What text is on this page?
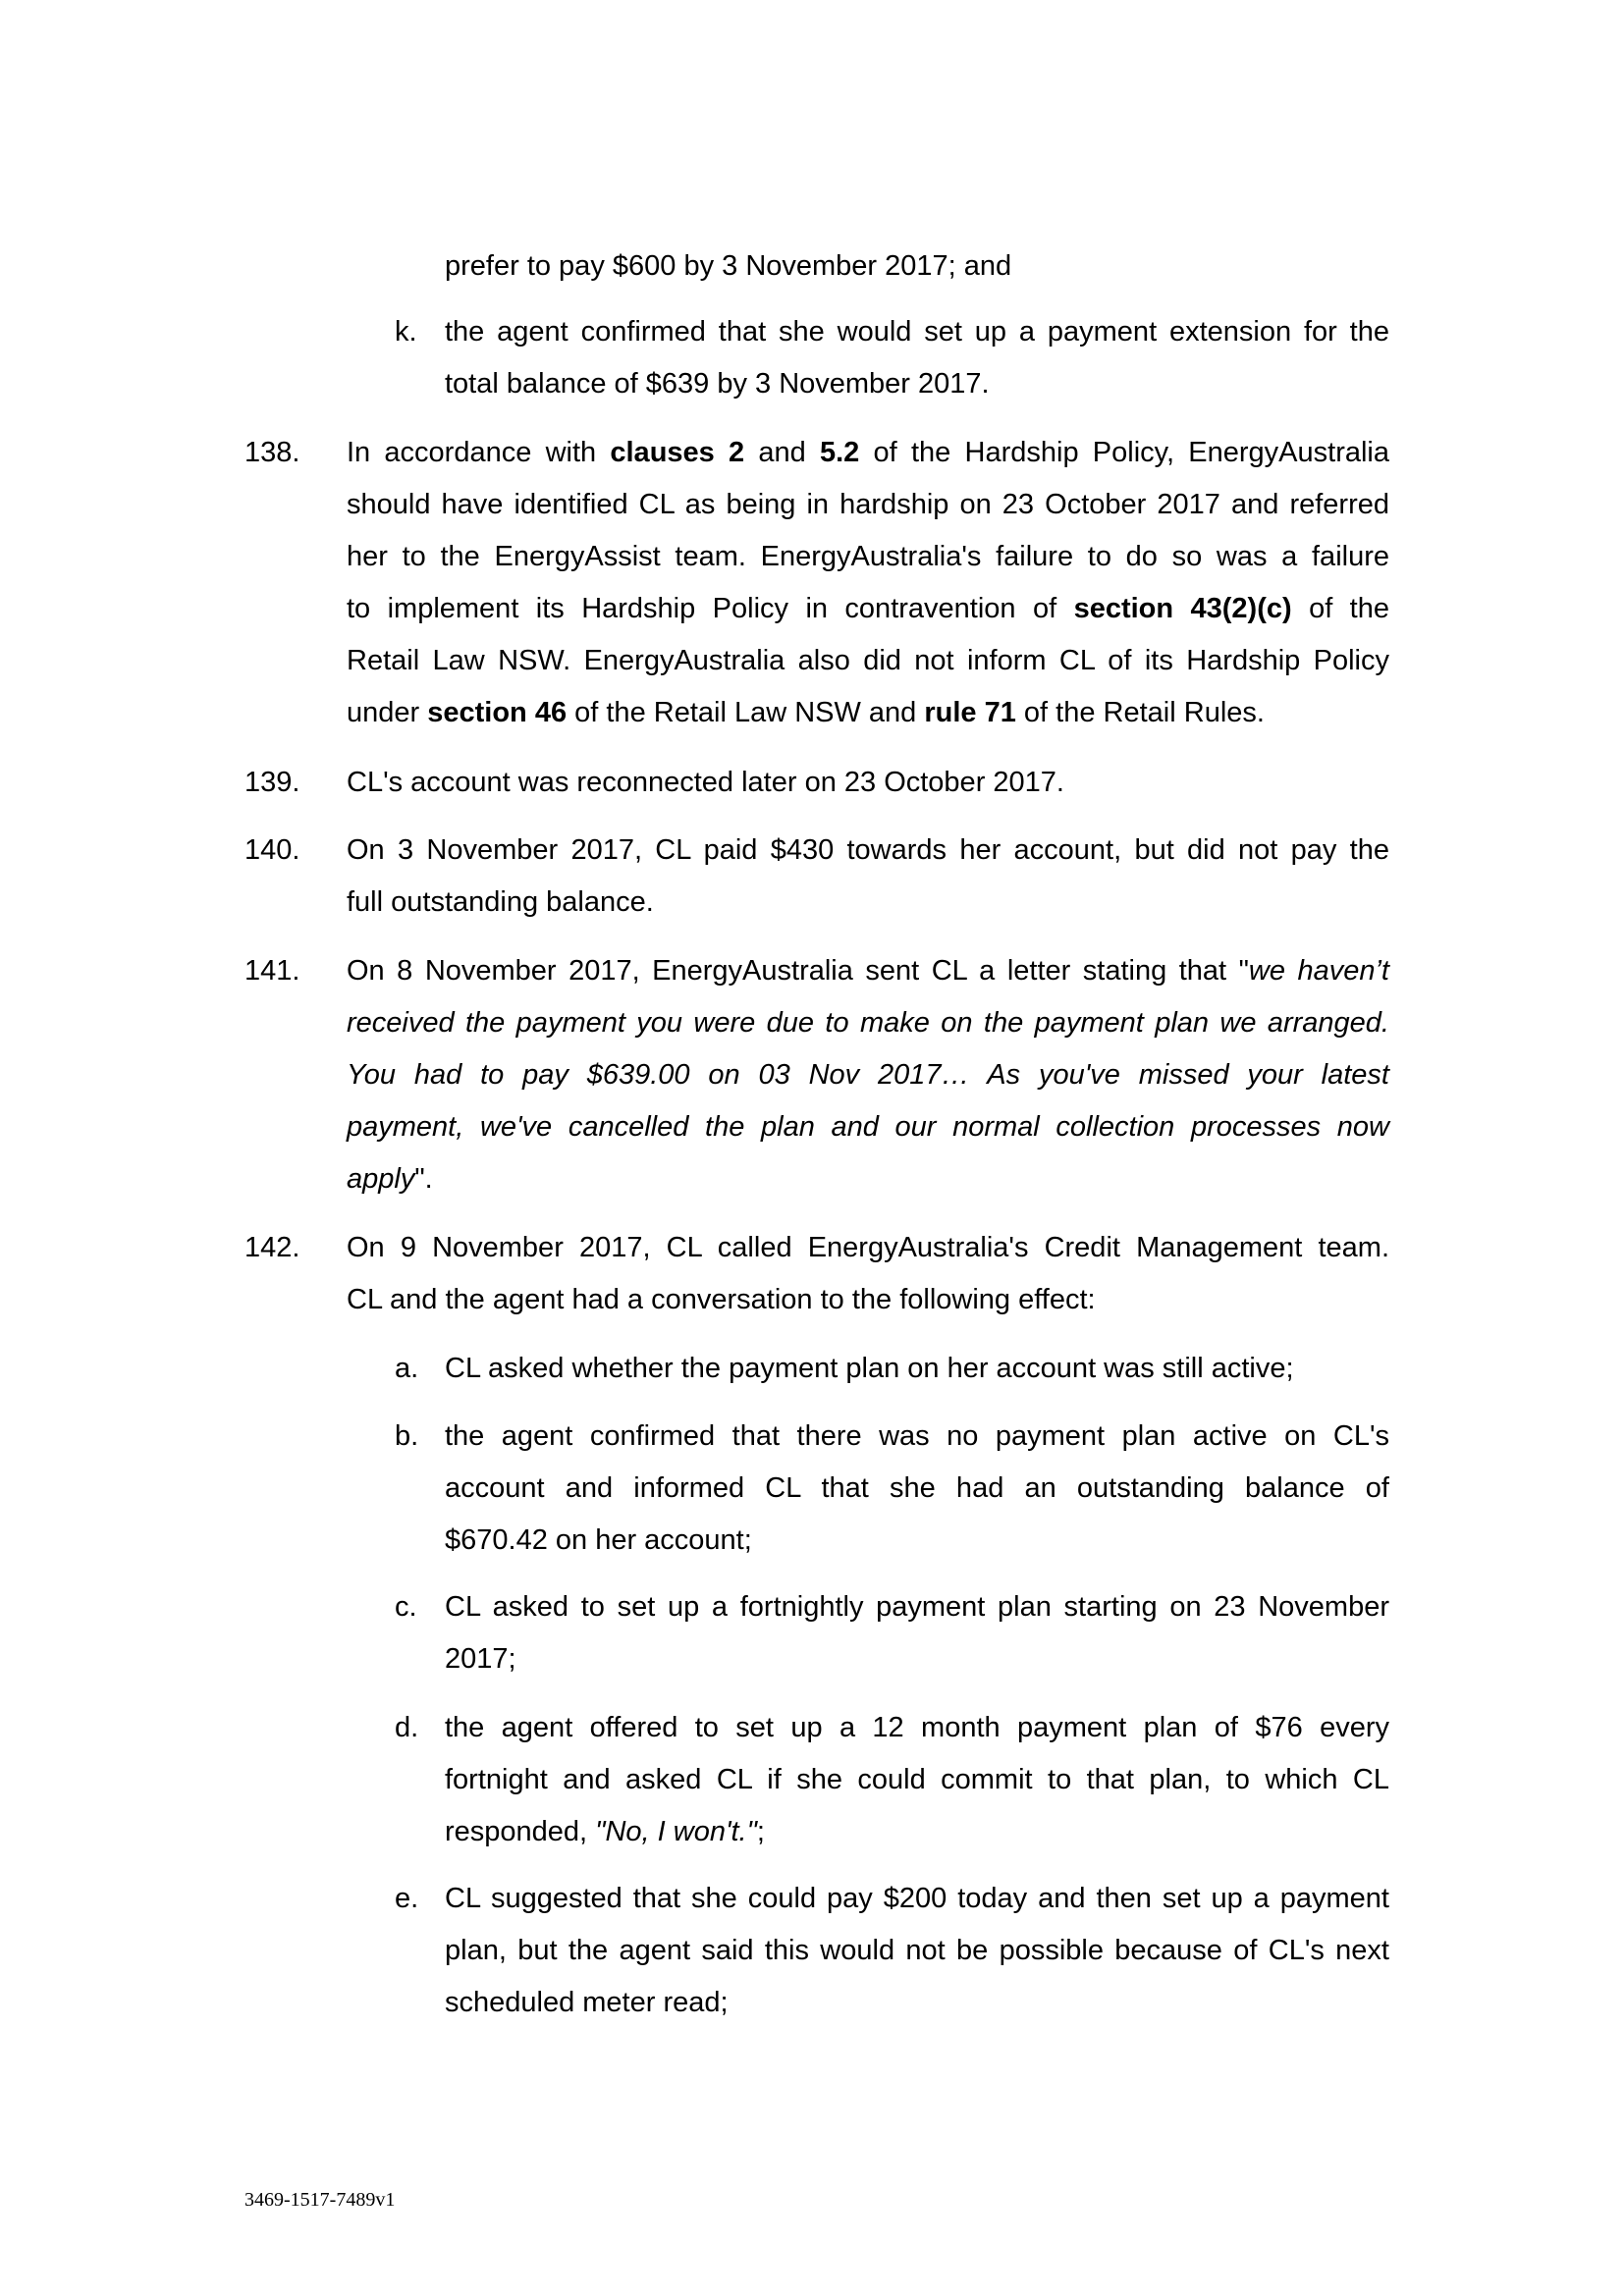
prefer to pay $600 by 3 November 2017; and
k. the agent confirmed that she would set up a payment extension for the
total balance of $639 by 3 November 2017.
138. In accordance with clauses 2 and 5.2 of the Hardship Policy, EnergyAustralia
should have identified CL as being in hardship on 23 October 2017 and referred
her to the EnergyAssist team. EnergyAustralia's failure to do so was a failure
to implement its Hardship Policy in contravention of section 43(2)(c) of the
Retail Law NSW. EnergyAustralia also did not inform CL of its Hardship Policy
under section 46 of the Retail Law NSW and rule 71 of the Retail Rules.
139. CL's account was reconnected later on 23 October 2017.
140. On 3 November 2017, CL paid $430 towards her account, but did not pay the
full outstanding balance.
141. On 8 November 2017, EnergyAustralia sent CL a letter stating that "we haven’t
received the payment you were due to make on the payment plan we arranged.
You had to pay $639.00 on 03 Nov 2017… As you've missed your latest
payment, we've cancelled the plan and our normal collection processes now
apply".
142. On 9 November 2017, CL called EnergyAustralia's Credit Management team.
CL and the agent had a conversation to the following effect:
a. CL asked whether the payment plan on her account was still active;
b. the agent confirmed that there was no payment plan active on CL's
account and informed CL that she had an outstanding balance of
$670.42 on her account;
c. CL asked to set up a fortnightly payment plan starting on 23 November
2017;
d. the agent offered to set up a 12 month payment plan of $76 every
fortnight and asked CL if she could commit to that plan, to which CL
responded, "No, I won't.";
e. CL suggested that she could pay $200 today and then set up a payment
plan, but the agent said this would not be possible because of CL's next
scheduled meter read;
3469-1517-7489v1
